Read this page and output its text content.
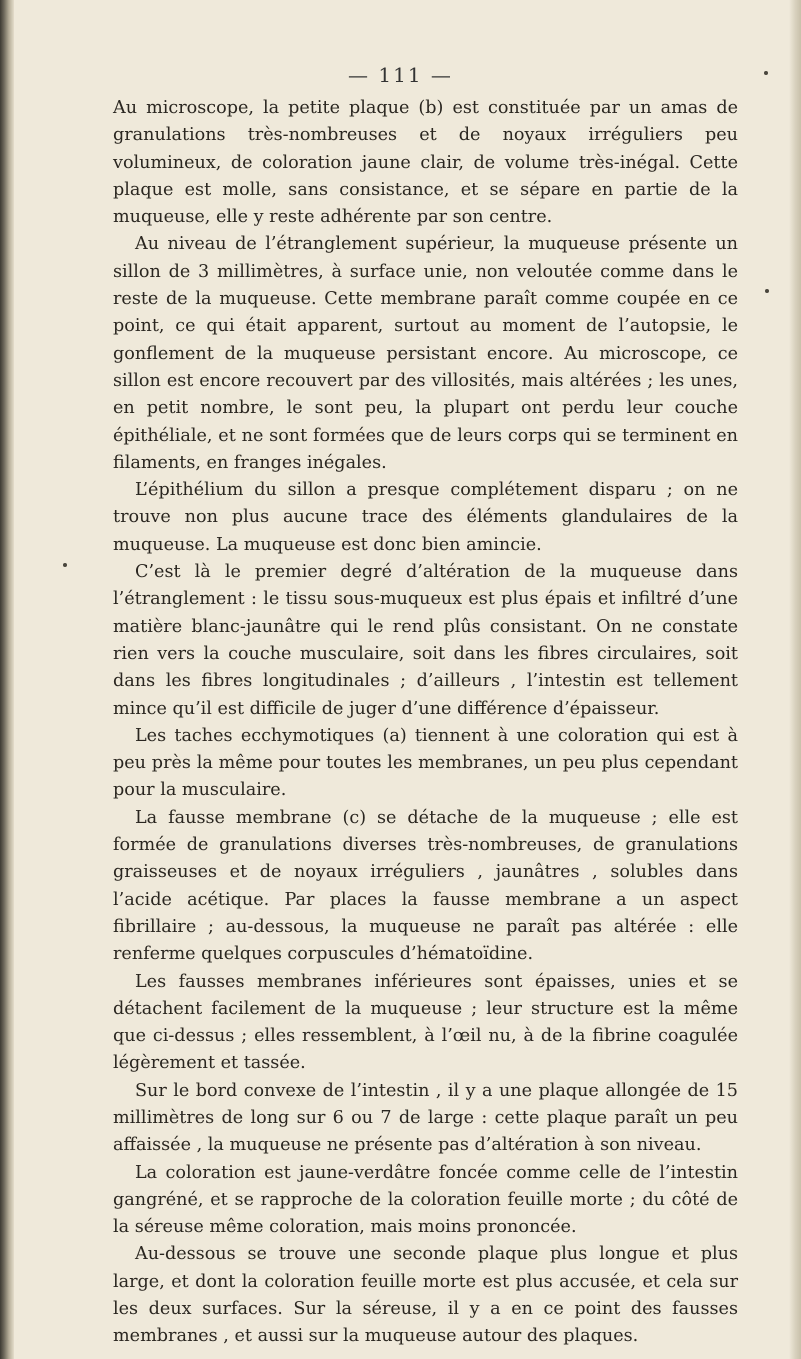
— 111 —

Au microscope, la petite plaque (b) est constituée par un amas de granulations très-nombreuses et de noyaux irréguliers peu volumineux, de coloration jaune clair, de volume très-inégal. Cette plaque est molle, sans consistance, et se sépare en partie de la muqueuse, elle y reste adhérente par son centre.

Au niveau de l’étranglement supérieur, la muqueuse présente un sillon de 3 millimètres, à surface unie, non veloutée comme dans le reste de la muqueuse. Cette membrane paraît comme coupée en ce point, ce qui était apparent, surtout au moment de l’autopsie, le gonflement de la muqueuse persistant encore. Au microscope, ce sillon est encore recouvert par des villosités, mais altérées ; les unes, en petit nombre, le sont peu, la plupart ont perdu leur couche épithéliale, et ne sont formées que de leurs corps qui se terminent en filaments, en franges inégales.

L’épithélium du sillon a presque complétement disparu ; on ne trouve non plus aucune trace des éléments glandulaires de la muqueuse. La muqueuse est donc bien amincie.

C’est là le premier degré d’altération de la muqueuse dans l’étranglement : le tissu sous-muqueux est plus épais et infiltré d’une matière blanc-jaunâtre qui le rend plûs consistant. On ne constate rien vers la couche musculaire, soit dans les fibres circulaires, soit dans les fibres longitudinales ; d’ailleurs , l’intestin est tellement mince qu’il est difficile de juger d’une différence d’épaisseur.

Les taches ecchymotiques (a) tiennent à une coloration qui est à peu près la même pour toutes les membranes, un peu plus cependant pour la musculaire.

La fausse membrane (c) se détache de la muqueuse ; elle est formée de granulations diverses très-nombreuses, de granulations graisseuses et de noyaux irréguliers , jaunâtres , solubles dans l’acide acétique. Par places la fausse membrane a un aspect fibrillaire ; au-dessous, la muqueuse ne paraît pas altérée : elle renferme quelques corpuscules d’hématoïdine.

Les fausses membranes inférieures sont épaisses, unies et se détachent facilement de la muqueuse ; leur structure est la même que ci-dessus ; elles ressemblent, à l’œil nu, à de la fibrine coagulée légèrement et tassée.

Sur le bord convexe de l’intestin , il y a une plaque allongée de 15 millimètres de long sur 6 ou 7 de large : cette plaque paraît un peu affaissée , la muqueuse ne présente pas d’altération à son niveau.

La coloration est jaune-verdâtre foncée comme celle de l’intestin gangréné, et se rapproche de la coloration feuille morte ; du côté de la séreuse même coloration, mais moins prononcée.

Au-dessous se trouve une seconde plaque plus longue et plus large, et dont la coloration feuille morte est plus accusée, et cela sur les deux surfaces. Sur la séreuse, il y a en ce point des fausses membranes , et aussi sur la muqueuse autour des plaques.
